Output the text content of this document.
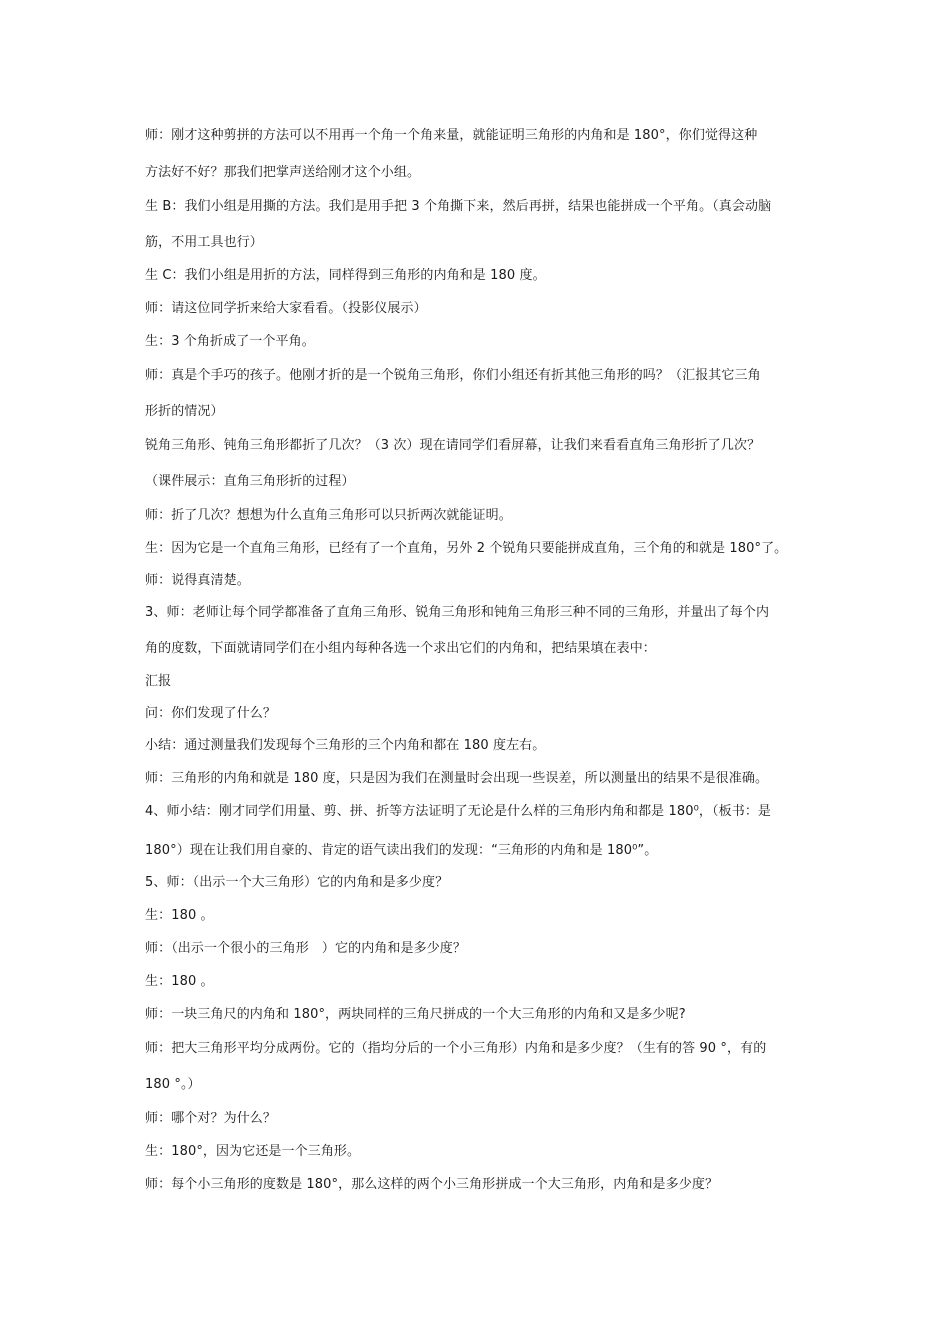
师：刚才这种剪拼的方法可以不用再一个角一个角来量，就能证明三角形的内角和是 180°，你们觉得这种
方法好不好？那我们把掌声送给刚才这个小组。
生 B：我们小组是用撕的方法。我们是用手把 3 个角撕下来，然后再拼，结果也能拼成一个平角。（真会动脑
筋，不用工具也行）
生 C：我们小组是用折的方法，同样得到三角形的内角和是 180 度。
师：请这位同学折来给大家看看。（投影仪展示）
生：3 个角折成了一个平角。
师：真是个手巧的孩子。他刚才折的是一个锐角三角形，你们小组还有折其他三角形的吗？（汇报其它三角
形折的情况）
锐角三角形、钝角三角形都折了几次？（3 次）现在请同学们看屏幕，让我们来看看直角三角形折了几次？
（课件展示：直角三角形折的过程）
师：折了几次？想想为什么直角三角形可以只折两次就能证明。
生：因为它是一个直角三角形，已经有了一个直角，另外 2 个锐角只要能拼成直角，三个角的和就是 180°了。
师：说得真清楚。
3、师：老师让每个同学都准备了直角三角形、锐角三角形和钝角三角形三种不同的三角形，并量出了每个内
角的度数，下面就请同学们在小组内每种各选一个求出它们的内角和，把结果填在表中：
汇报
问：你们发现了什么？
小结：通过测量我们发现每个三角形的三个内角和都在 180 度左右。
师：三角形的内角和就是 180 度，只是因为我们在测量时会出现一些误差，所以测量出的结果不是很准确。
4、师小结：刚才同学们用量、剪、拼、折等方法证明了无论是什么样的三角形内角和都是 180⁰，（板书：是
180°）现在让我们用自豪的、肯定的语气读出我们的发现：“三角形的内角和是 180⁰”。
5、师：（出示一个大三角形）它的内角和是多少度？
生：180 。
师：（出示一个很小的三角形　）它的内角和是多少度？
生：180 。
师：一块三角尺的内角和 180°，两块同样的三角尺拼成的一个大三角形的内角和又是多少呢?
师：把大三角形平均分成两份。它的（指均分后的一个小三角形）内角和是多少度？（生有的答 90 °，有的
180 °。）
师：哪个对？为什么？
生：180°，因为它还是一个三角形。
师：每个小三角形的度数是 180°，那么这样的两个小三角形拼成一个大三角形，内角和是多少度？
